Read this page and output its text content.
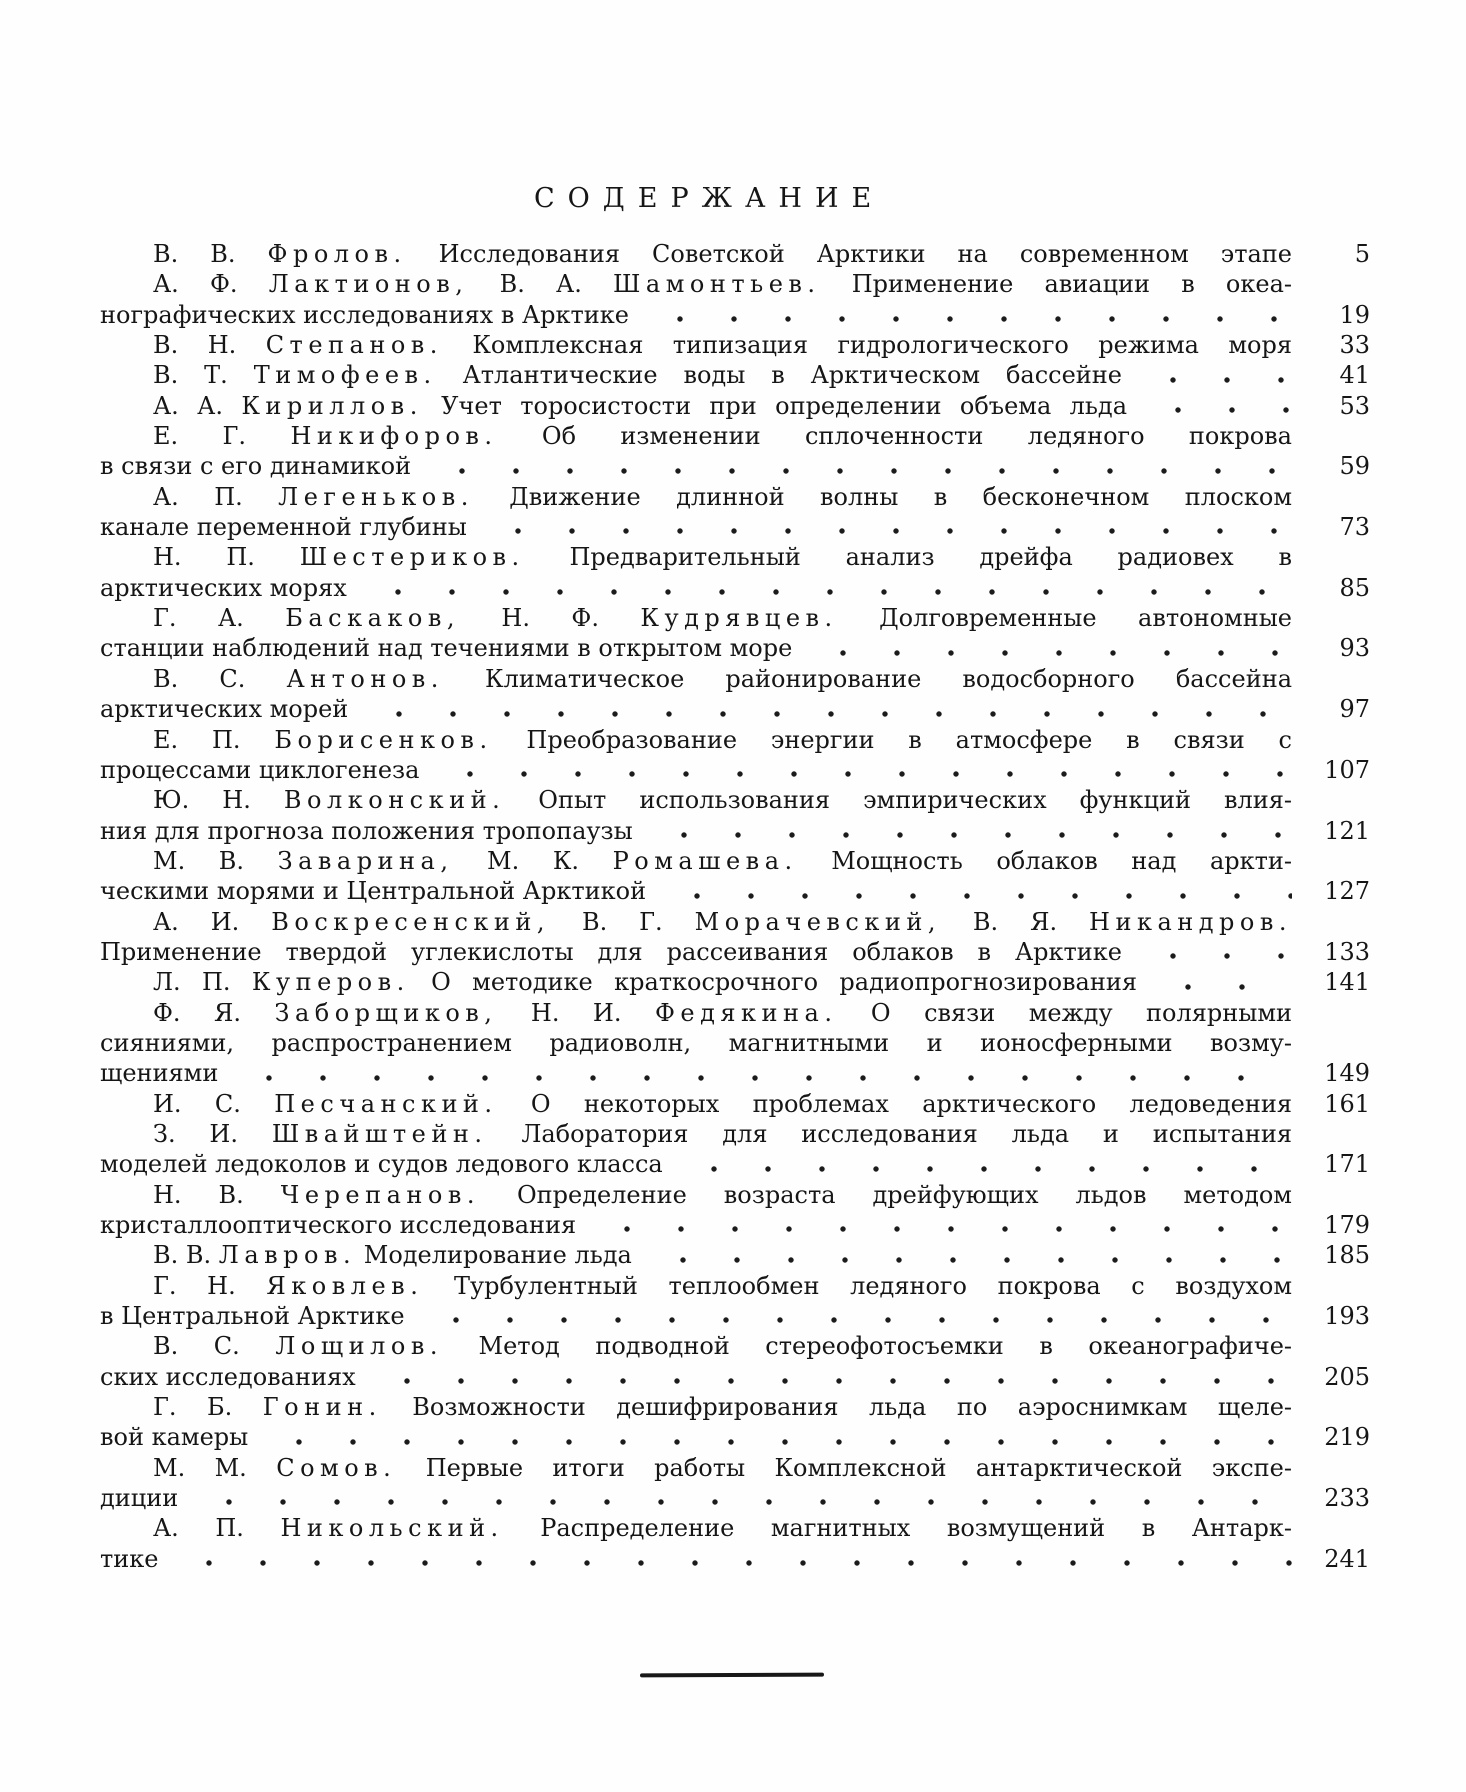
СОДЕРЖАНИЕ
В. В. Фролов. Исследования Советской Арктики на современном этапе	5
А. Ф. Лактионов, В. А. Шамонтьев. Применение авиации в океа-
нографических исследованиях в Арктике	19
В. Н. Степанов. Комплексная типизация гидрологического режима моря	33
В. Т. Тимофеев. Атлантические воды в Арктическом бассейне	41
А. А. Кириллов. Учет торосистости при определении объема льда	53
Е. Г. Никифоров. Об изменении сплоченности ледяного покрова
в связи с его динамикой	59
А. П. Легеньков. Движение длинной волны в бесконечном плоском
канале переменной глубины	73
Н. П. Шестериков. Предварительный анализ дрейфа радиовех в
арктических морях	85
Г. А. Баскаков, Н. Ф. Кудрявцев. Долговременные автономные
станции наблюдений над течениями в открытом море	93
В. С. Антонов. Климатическое районирование водосборного бассейна
арктических морей	97
Е. П. Борисенков. Преобразование энергии в атмосфере в связи с
процессами циклогенеза	107
Ю. Н. Волконский. Опыт использования эмпирических функций влия-
ния для прогноза положения тропопаузы	121
М. В. Заварина, М. К. Ромашева. Мощность облаков над аркти-
ческими морями и Центральной Арктикой	127
А. И. Воскресенский, В. Г. Морачевский, В. Я. Никандров.
Применение твердой углекислоты для рассеивания облаков в Арктике	133
Л. П. Куперов. О методике краткосрочного радиопрогнозирования	141
Ф. Я. Заборщиков, Н. И. Федякина. О связи между полярными
сияниями, распространением радиоволн, магнитными и ионосферными возму-
щениями	149
И. С. Песчанский. О некоторых проблемах арктического ледоведения	161
З. И. Швайштейн. Лаборатория для исследования льда и испытания
моделей ледоколов и судов ледового класса	171
Н. В. Черепанов. Определение возраста дрейфующих льдов методом
кристаллооптического исследования	179
В. В. Лавров. Моделирование льда	185
Г. Н. Яковлев. Турбулентный теплообмен ледяного покрова с воздухом
в Центральной Арктике	193
В. С. Лощилов. Метод подводной стереофотосъемки в океанографиче-
ских исследованиях	205
Г. Б. Гонин. Возможности дешифрирования льда по аэроснимкам щеле-
вой камеры	219
М. М. Сомов. Первые итоги работы Комплексной антарктической экспе-
диции	233
А. П. Никольский. Распределение магнитных возмущений в Антарк-
тике	241
